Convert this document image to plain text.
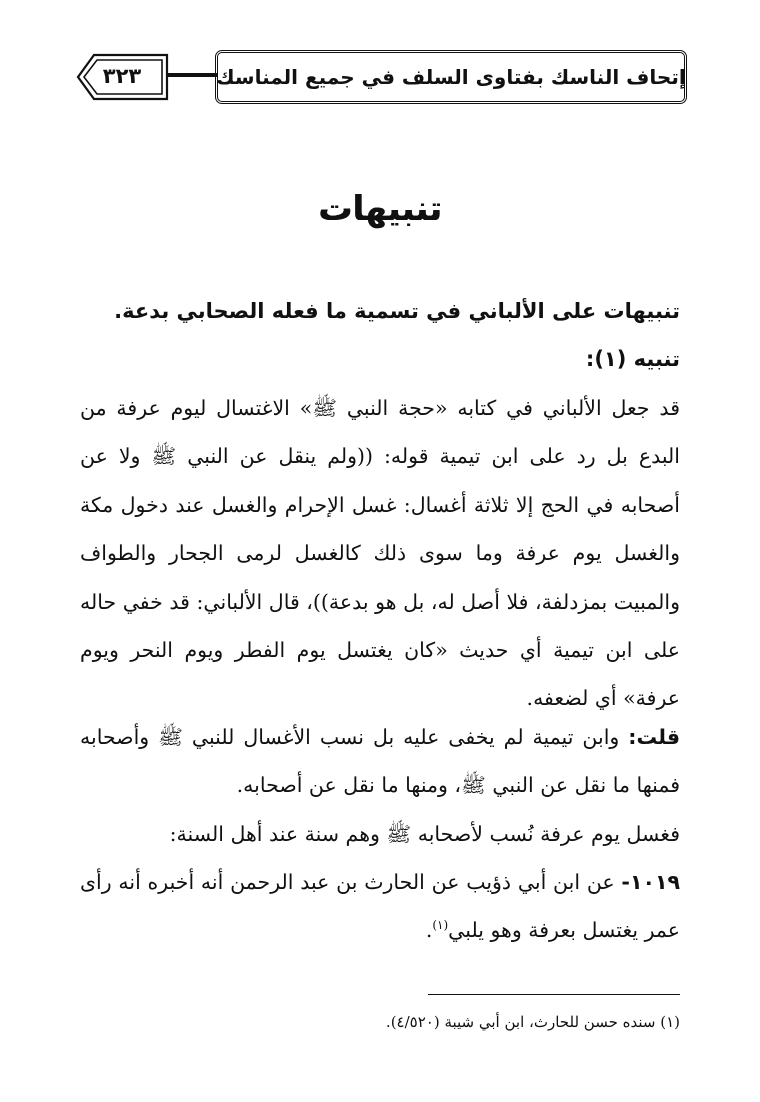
٣٢٣	إتحاف الناسك بفتاوى السلف في جميع المناسك
تنبيهات
تنبيهات على الألباني في تسمية ما فعله الصحابي بدعة.
تنبيه (١):
قد جعل الألباني في كتابه «حجة النبي ﷺ» الاغتسال ليوم عرفة من البدع بل رد على ابن تيمية قوله: ((ولم ينقل عن النبي ﷺ ولا عن أصحابه في الحج إلا ثلاثة أغسال: غسل الإحرام والغسل عند دخول مكة والغسل يوم عرفة وما سوى ذلك كالغسل لرمى الجحار والطواف والمبيت بمزدلفة، فلا أصل له، بل هو بدعة))، قال الألباني: قد خفي حاله على ابن تيمية أي حديث «كان يغتسل يوم الفطر ويوم النحر ويوم عرفة» أي لضعفه.
قلت: وابن تيمية لم يخفى عليه بل نسب الأغسال للنبي ﷺ وأصحابه فمنها ما نقل عن النبي ﷺ، ومنها ما نقل عن أصحابه.
فغسل يوم عرفة نُسب لأصحابه ﷺ وهم سنة عند أهل السنة:
١٠١٩- عن ابن أبي ذؤيب عن الحارث بن عبد الرحمن أنه أخبره أنه رأى عمر يغتسل بعرفة وهو يلبي$^{(١)}$.
(١) سنده حسن للحارث، ابن أبي شيبة (٤/٥٢٠).
